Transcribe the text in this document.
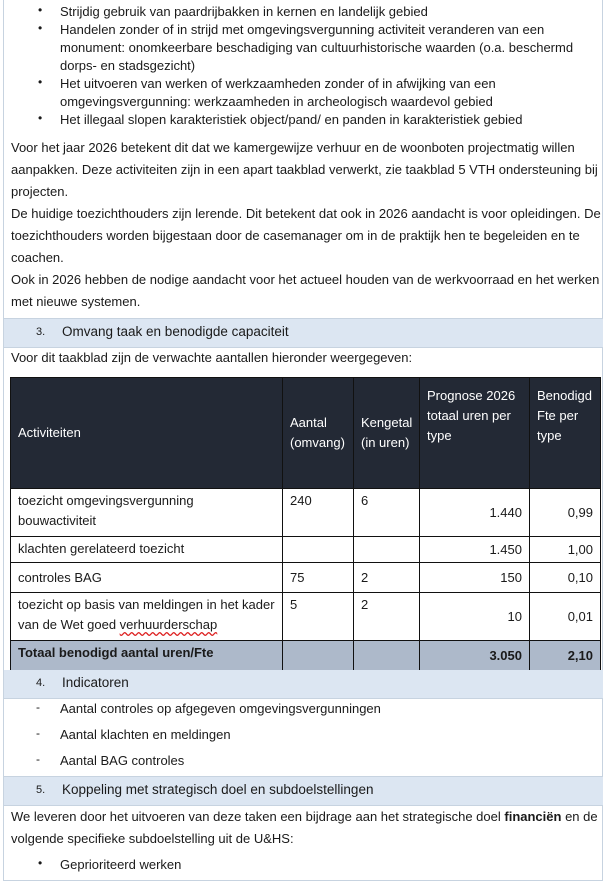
• Strijdig gebruik van paardrijbakken in kernen en landelijk gebied
• Handelen zonder of in strijd met omgevingsvergunning activiteit veranderen van een monument: onomkeerbare beschadiging van cultuurhistorische waarden (o.a. beschermd dorps- en stadsgezicht)
• Het uitvoeren van werken of werkzaamheden zonder of in afwijking van een omgevingsvergunning: werkzaamheden in archeologisch waardevol gebied
• Het illegaal slopen karakteristiek object/pand/ en panden in karakteristiek gebied
Voor het jaar 2026 betekent dit dat we kamergewijze verhuur en de woonboten projectmatig willen aanpakken. Deze activiteiten zijn in een apart taakblad verwerkt, zie taakblad 5 VTH ondersteuning bij projecten.
De huidige toezichthouders zijn lerende. Dit betekent dat ook in 2026 aandacht is voor opleidingen. De toezichthouders worden bijgestaan door de casemanager om in de praktijk hen te begeleiden en te coachen.
Ook in 2026 hebben de nodige aandacht voor het actueel houden van de werkvoorraad en het werken met nieuwe systemen.
3. Omvang taak en benodigde capaciteit
Voor dit taakblad zijn de verwachte aantallen hieronder weergegeven:
Activiteiten	Aantal (omvang)	Kengetal (in uren)	Prognose 2026 totaal uren per type	Benodigd Fte per type
toezicht omgevingsvergunning bouwactiviteit	240	6	1.440	0,99
klachten gerelateerd toezicht			1.450	1,00
controles BAG	75	2	150	0,10
toezicht op basis van meldingen in het kader van de Wet goed verhuurderschap	5	2	10	0,01
Totaal benodigd aantal uren/Fte			3.050	2,10
4. Indicatoren
- Aantal controles op afgegeven omgevingsvergunningen
- Aantal klachten en meldingen
- Aantal BAG controles
5. Koppeling met strategisch doel en subdoelstellingen
We leveren door het uitvoeren van deze taken een bijdrage aan het strategische doel financiën en de volgende specifieke subdoelstelling uit de U&HS:
• Geprioriteerd werken
